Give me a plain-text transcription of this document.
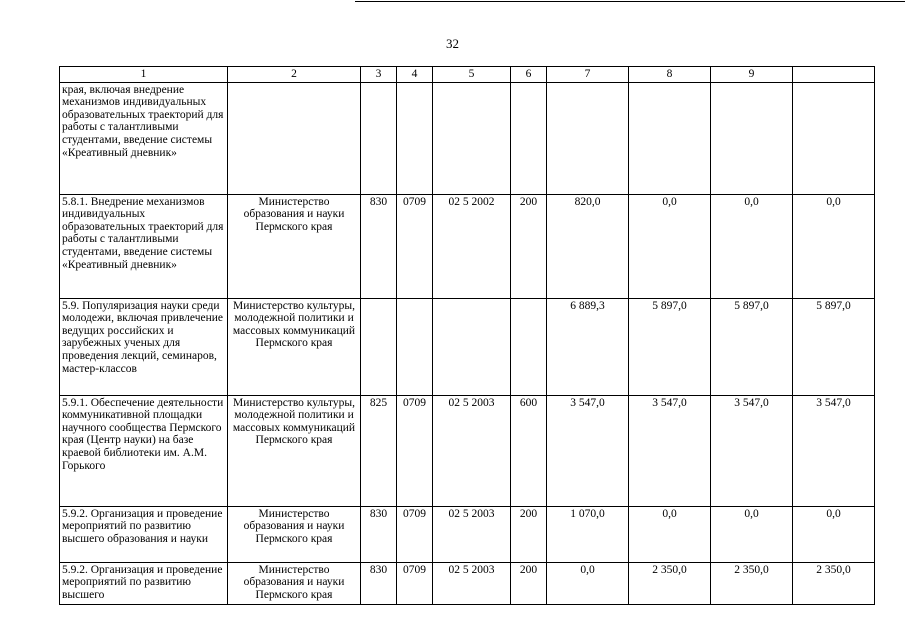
32
1	2	3	4	5	6	7	8	9	
края, включая внедрение механизмов индивидуальных образовательных траекторий для работы с талантливыми студентами, введение системы «Креативный дневник»									
5.8.1. Внедрение механизмов индивидуальных образовательных траекторий для работы с талантливыми студентами, введение системы «Креативный дневник»	Министерство образования и науки Пермского края	830	0709	02 5 2002	200	820,0	0,0	0,0	0,0
5.9. Популяризация науки среди молодежи, включая привлечение ведущих российских и зарубежных ученых для проведения лекций, семинаров, мастер-классов	Министерство культуры, молодежной политики и массовых коммуникаций Пермского края					6 889,3	5 897,0	5 897,0	5 897,0
5.9.1. Обеспечение деятельности коммуникативной площадки научного сообщества Пермского края (Центр науки) на базе краевой библиотеки им. А.М. Горького	Министерство культуры, молодежной политики и массовых коммуникаций Пермского края	825	0709	02 5 2003	600	3 547,0	3 547,0	3 547,0	3 547,0
5.9.2. Организация и проведение мероприятий по развитию высшего образования и науки	Министерство образования и науки Пермского края	830	0709	02 5 2003	200	1 070,0	0,0	0,0	0,0
5.9.2. Организация и проведение мероприятий по развитию высшего	Министерство образования и науки Пермского края	830	0709	02 5 2003	200	0,0	2 350,0	2 350,0	2 350,0
